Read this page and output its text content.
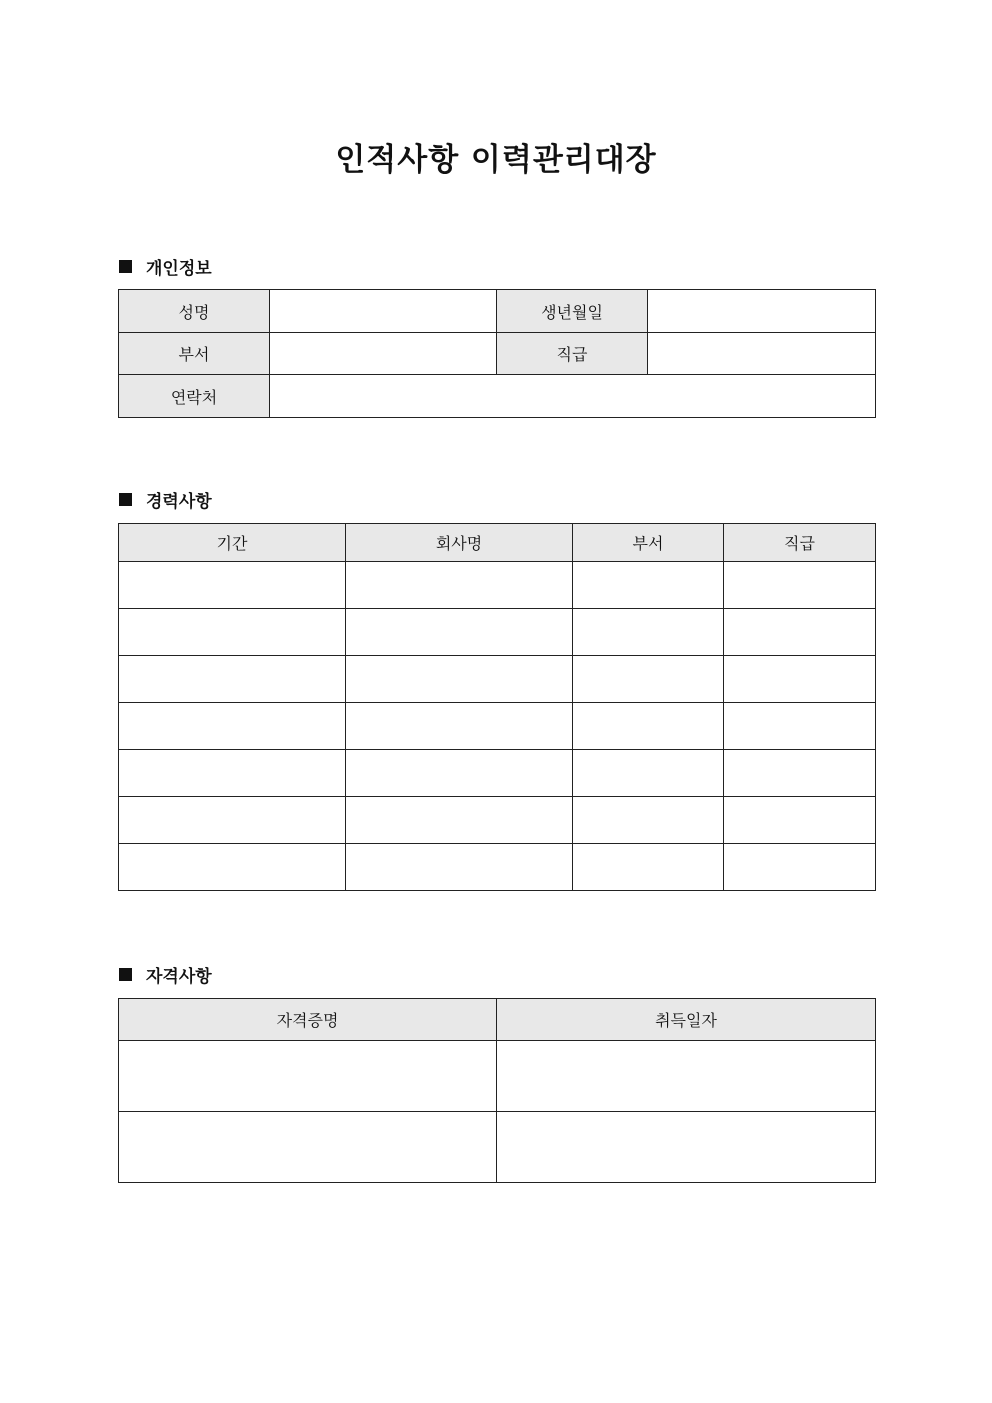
인적사항 이력관리대장
개인정보
성명		생년월일	
부서		직급	
연락처			
경력사항
기간	회사명	부서	직급

자격사항
자격증명	취득일자
